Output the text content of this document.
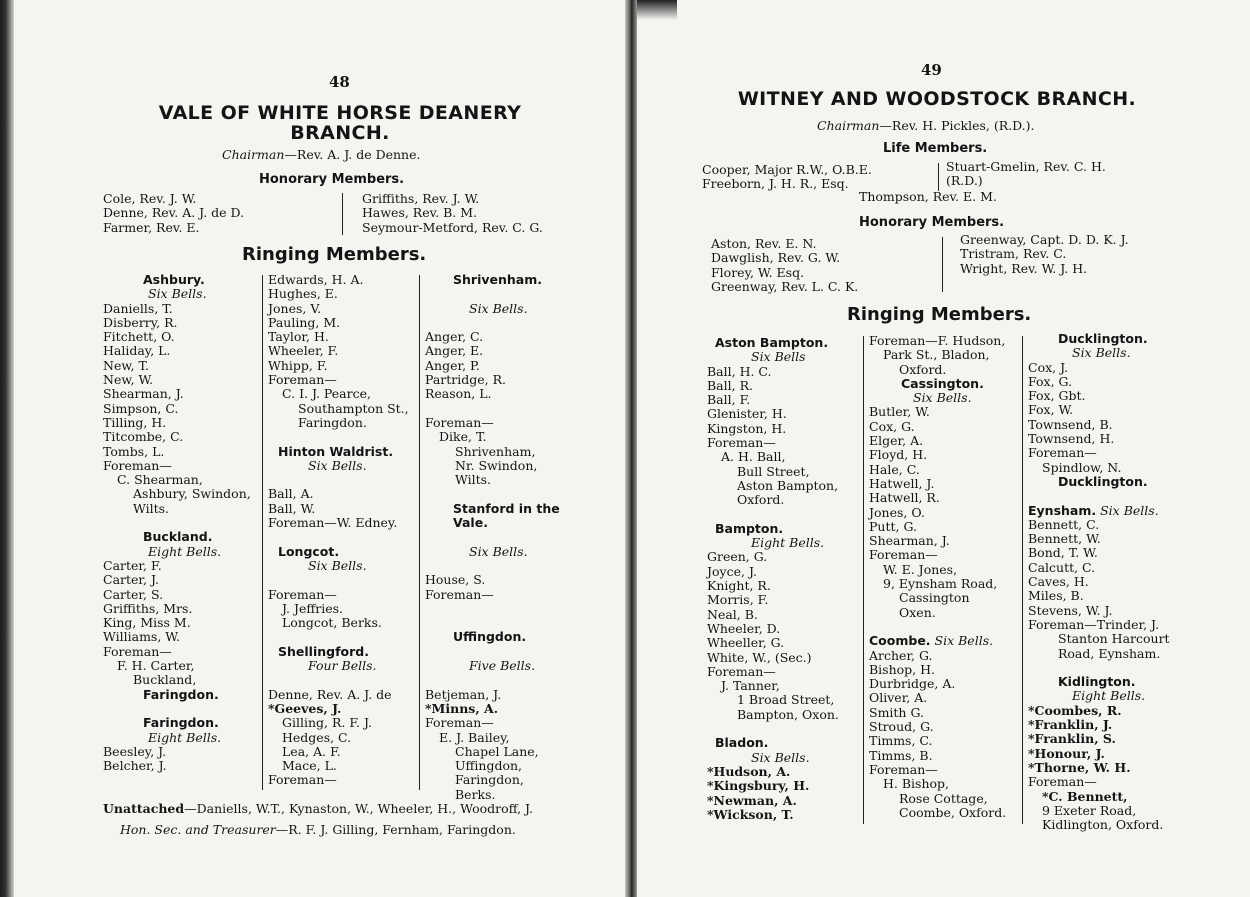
48
VALE OF WHITE HORSE DEANERY
BRANCH.
Chairman—Rev. A. J. de Denne.
Honorary Members.
Cole, Rev. J. W.
Denne, Rev. A. J. de D.
Farmer, Rev. E.
Griffiths, Rev. J. W.
Hawes, Rev. B. M.
Seymour-Metford, Rev. C. G.
Ringing Members.
Ashbury.
Six Bells.
Daniells, T.
Disberry, R.
Fitchett, O.
Haliday, L.
New, T.
New, W.
Shearman, J.
Simpson, C.
Tilling, H.
Titcombe, C.
Tombs, L.
Foreman—
C. Shearman,
Ashbury, Swindon,
Wilts.

Buckland.
Eight Bells.
Carter, F.
Carter, J.
Carter, S.
Griffiths, Mrs.
King, Miss M.
Williams, W.
Foreman—
F. H. Carter,
Buckland,
Faringdon.

Faringdon.
Eight Bells.
Beesley, J.
Belcher, J.
Edwards, H. A.
Hughes, E.
Jones, V.
Pauling, M.
Taylor, H.
Wheeler, F.
Whipp, F.
Foreman—
C. I. J. Pearce,
Southampton St.,
Faringdon.

Hinton Waldrist.
Six Bells.

Ball, A.
Ball, W.
Foreman—W. Edney.

Longcot.
Six Bells.

Foreman—
J. Jeffries.
Longcot, Berks.

Shellingford.
Four Bells.

Denne, Rev. A. J. de
*Geeves, J.
Gilling, R. F. J.
Hedges, C.
Lea, A. F.
Mace, L.
Foreman—
Shrivenham.

Six Bells.

Anger, C.
Anger, E.
Anger, P.
Partridge, R.
Reason, L.

Foreman—
Dike, T.
Shrivenham,
Nr. Swindon,
Wilts.

Stanford in the
Vale.

Six Bells.

House, S.
Foreman—

Uffingdon.

Five Bells.

Betjeman, J.
*Minns, A.
Foreman—
E. J. Bailey,
Chapel Lane,
Uffingdon,
Faringdon,
Berks.
Unattached—Daniells, W.T., Kynaston, W., Wheeler, H., Woodroff, J.
Hon. Sec. and Treasurer—R. F. J. Gilling, Fernham, Faringdon.
49
WITNEY AND WOODSTOCK BRANCH.
Chairman—Rev. H. Pickles, (R.D.).
Life Members.
Cooper, Major R.W., O.B.E.
Freeborn, J. H. R., Esq.
Stuart-Gmelin, Rev. C. H.
(R.D.)
Thompson, Rev. E. M.
Honorary Members.
Aston, Rev. E. N.
Dawglish, Rev. G. W.
Florey, W. Esq.
Greenway, Rev. L. C. K.
Greenway, Capt. D. D. K. J.
Tristram, Rev. C.
Wright, Rev. W. J. H.
Ringing Members.
Aston Bampton.
Six Bells
Ball, H. C.
Ball, R.
Ball, F.
Glenister, H.
Kingston, H.
Foreman—
A. H. Ball,
Bull Street,
Aston Bampton,
Oxford.

Bampton.
Eight Bells.
Green, G.
Joyce, J.
Knight, R.
Morris, F.
Neal, B.
Wheeler, D.
Wheeller, G.
White, W., (Sec.)
Foreman—
J. Tanner,
1 Broad Street,
Bampton, Oxon.

Bladon.
Six Bells.
*Hudson, A.
*Kingsbury, H.
*Newman, A.
*Wickson, T.
Foreman—F. Hudson,
Park St., Bladon,
Oxford.
Cassington.
Six Bells.
Butler, W.
Cox, G.
Elger, A.
Floyd, H.
Hale, C.
Hatwell, J.
Hatwell, R.
Jones, O.
Putt, G.
Shearman, J.
Foreman—
W. E. Jones,
9, Eynsham Road,
Cassington
Oxen.

Coombe. Six Bells.
Archer, G.
Bishop, H.
Durbridge, A.
Oliver, A.
Smith G.
Stroud, G.
Timms, C.
Timms, B.
Foreman—
H. Bishop,
Rose Cottage,
Coombe, Oxford.
Ducklington.
Six Bells.
Cox, J.
Fox, G.
Fox, Gbt.
Fox, W.
Townsend, B.
Townsend, H.
Foreman—
Spindlow, N.
Ducklington.

Eynsham. Six Bells.
Bennett, C.
Bennett, W.
Bond, T. W.
Calcutt, C.
Caves, H.
Miles, B.
Stevens, W. J.
Foreman—Trinder, J.
Stanton Harcourt
Road, Eynsham.

Kidlington.
Eight Bells.
*Coombes, R.
*Franklin, J.
*Franklin, S.
*Honour, J.
*Thorne, W. H.
Foreman—
*C. Bennett,
9 Exeter Road,
Kidlington, Oxford.
